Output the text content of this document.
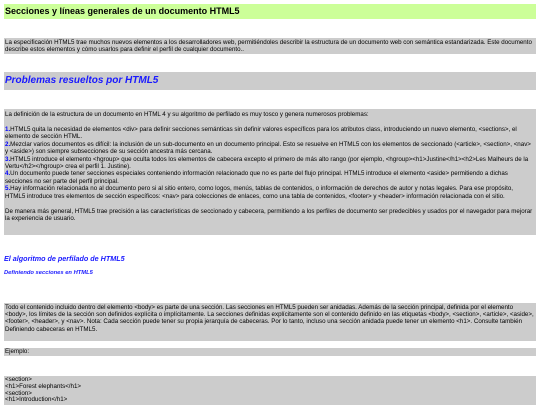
Secciones y líneas generales de un documento HTML5
La especificación HTML5 trae muchos nuevos elementos a los desarrolladores web, permitiéndoles describir la estructura de un documento web con semántica estandarizada. Este documento describe estos elementos y cómo usarlos para definir el perfil de cualquier documento..
Problemas resueltos por HTML5
La definición de la estructura de un documento en HTML 4 y su algoritmo de perfilado es muy tosco y genera numerosos problemas:
1.HTML5 quita la necesidad de elementos <div> para definir secciones semánticas sin definir valores específicos para los atributos class, introduciendo un nuevo elemento, <sections>, el elemento de sección HTML.
2.Mezclar varios documentos es difícil: la inclusión de un sub-documento en un documento principal. Esto se resuelve en HTML5 con los elementos de seccionado (<article>, <section>, <nav> y <aside>) son siempre subsecciones de su sección ancestra más cercana.
3.HTML5 introduce el elemento <hgroup> que oculta todos los elementos de cabecera excepto el primero de más alto rango (por ejemplo, <hgroup><h1>Justine</h1><h2>Les Malheurs de la Vertu</h2></hgroup> crea el perfil 1. Justine).
4.Un documento puede tener secciones especiales conteniendo información relacionado que no es parte del flujo principal. HTML5 introduce el elemento <aside> permitiendo a dichas secciones no ser parte del perfil principal.
5.Hay información relacionada no al documento pero si al sitio entero, como logos, menús, tablas de contenidos, o información de derechos de autor y notas legales. Para ese propósito, HTML5 introduce tres elementos de sección específicos: <nav> para colecciones de enlaces, como una tabla de contenidos, <footer> y <header> información relacionada con el sitio.
De manera más general, HTML5 trae precisión a las características de seccionado y cabecera, permitiendo a los perfiles de documento ser predecibles y usados por el navegador para mejorar la experiencia de usuario.
El algoritmo de perfilado de HTML5
Definiendo secciones en HTML5
Todo el contenido incluido dentro del elemento <body> es parte de una sección. Las secciones en HTML5 pueden ser anidadas. Además de la sección principal, definida por el elemento <body>, los límites de la sección son definidos explícita o implícitamente. La secciones definidas explícitamente son el contenido definido en las etiquetas <body>, <section>, <article>, <aside>, <footer>, <header>, y <nav>. Nota: Cada sección puede tener su propia jerarquía de cabeceras. Por lo tanto, incluso una sección anidada puede tener un elemento <h1>. Consulte también Definiendo cabeceras en HTML5.
Ejemplo:
<section>
<h1>Forest elephants</h1>
<section>
<h1>Introduction</h1>
